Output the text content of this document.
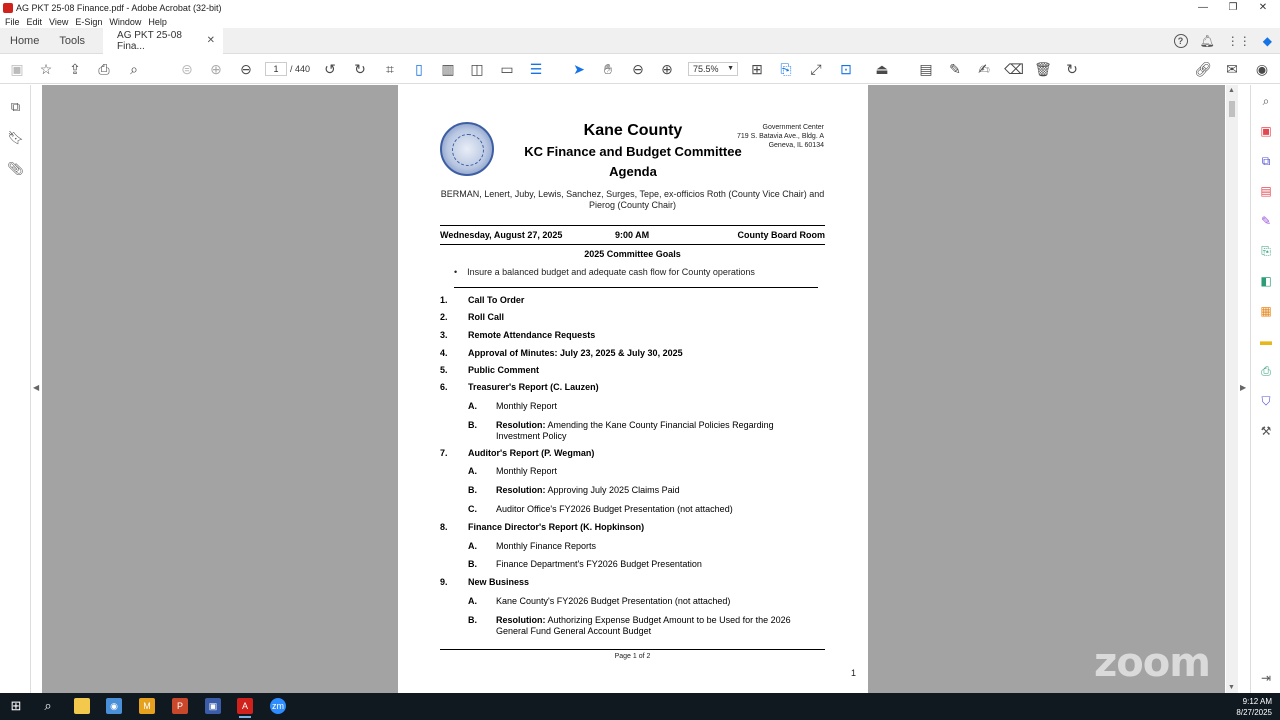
AG PKT 25-08 Finance.pdf - Adobe Acrobat (32-bit)	—	❐	✕
File Edit View E-Sign Window Help
Home	Tools	AG PKT 25-08 Fina...	✕	?	🔔︎ ⋮⋮ ◆
▣ ☆ ⇪ ⎙	⌕	⊜ ⊕ ⊖	1	/ 440 ↺ ↻	⌗	▯	▥ ◫ ▭ ☰ ➤	✋︎	⊖ ⊕	75.5% ▼ ⊞ ⎘ ⤢ ⊡ ⏏ ▤ ✎ ✍︎ ⌫ 🗑︎ ↻	🔗︎ ✉ ◉
⧉
🔖︎
📎︎
◀
Kane County
KC Finance and Budget Committee
Agenda
Government Center
719 S. Batavia Ave., Bldg. A
Geneva, IL 60134
BERMAN, Lenert, Juby, Lewis, Sanchez, Surges, Tepe, ex-officios Roth (County Vice Chair) and Pierog (County Chair)
Wednesday, August 27, 2025	9:00 AM	County Board Room
2025 Committee Goals
• Insure a balanced budget and adequate cash flow for County operations
1. Call To Order
2. Roll Call
3. Remote Attendance Requests
4. Approval of Minutes: July 23, 2025 & July 30, 2025
5. Public Comment
6. Treasurer's Report (C. Lauzen)
A. Monthly Report
B. Resolution: Amending the Kane County Financial Policies Regarding
Investment Policy
7. Auditor's Report (P. Wegman)
A. Monthly Report
B. Resolution: Approving July 2025 Claims Paid
C. Auditor Office's FY2026 Budget Presentation (not attached)
8. Finance Director's Report (K. Hopkinson)
A. Monthly Finance Reports
B. Finance Department's FY2026 Budget Presentation
9. New Business
A. Kane County's FY2026 Budget Presentation (not attached)
B. Resolution: Authorizing Expense Budget Amount to be Used for the 2026
General Fund General Account Budget
Page 1 of 2
1
▶
▲
▼
⌕
▣
⧉
▤
✎
⎘
◧
▦
▬
⎙
⛉
⚒
⇥
zoom
⊞	⌕	◉	M	P	▣	A	zm	9:12 AM
8/27/2025
